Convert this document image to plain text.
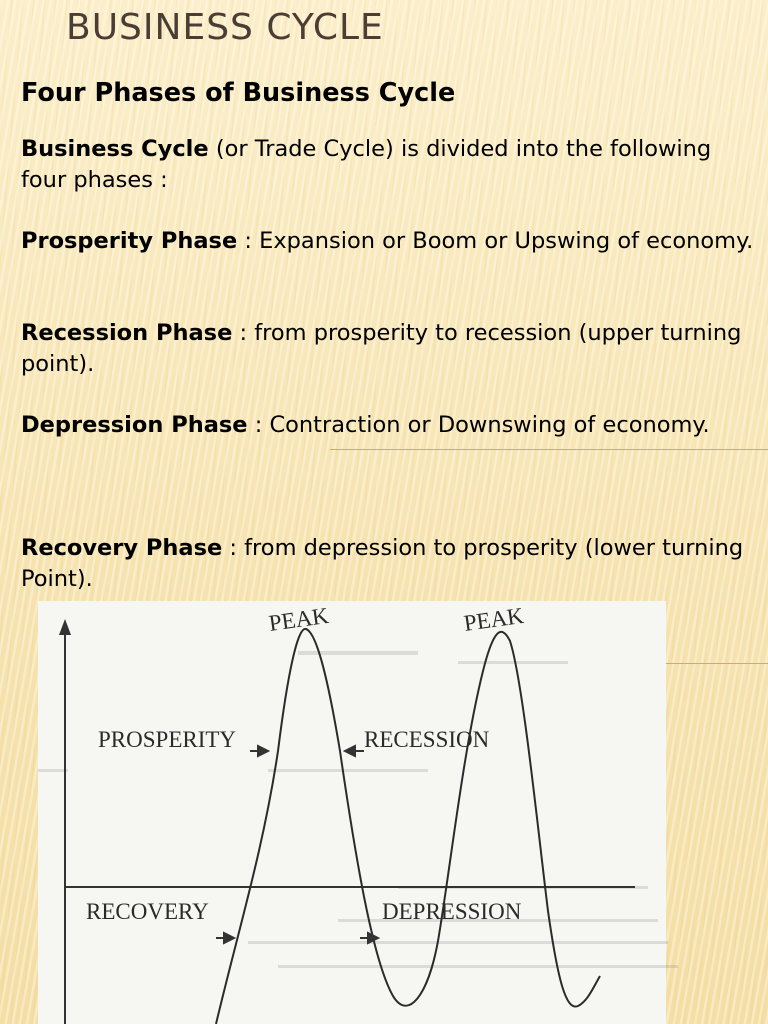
BUSINESS CYCLE
Four Phases of Business Cycle

Business Cycle (or Trade Cycle) is divided into the following four phases :

Prosperity Phase : Expansion or Boom or Upswing of economy.

Recession Phase : from prosperity to recession (upper turning point).

Depression Phase : Contraction or Downswing of economy.

Recovery Phase : from depression to prosperity (lower turning Point).

PEAK	PEAK
PROSPERITY	RECESSION
RECOVERY	DEPRESSION
